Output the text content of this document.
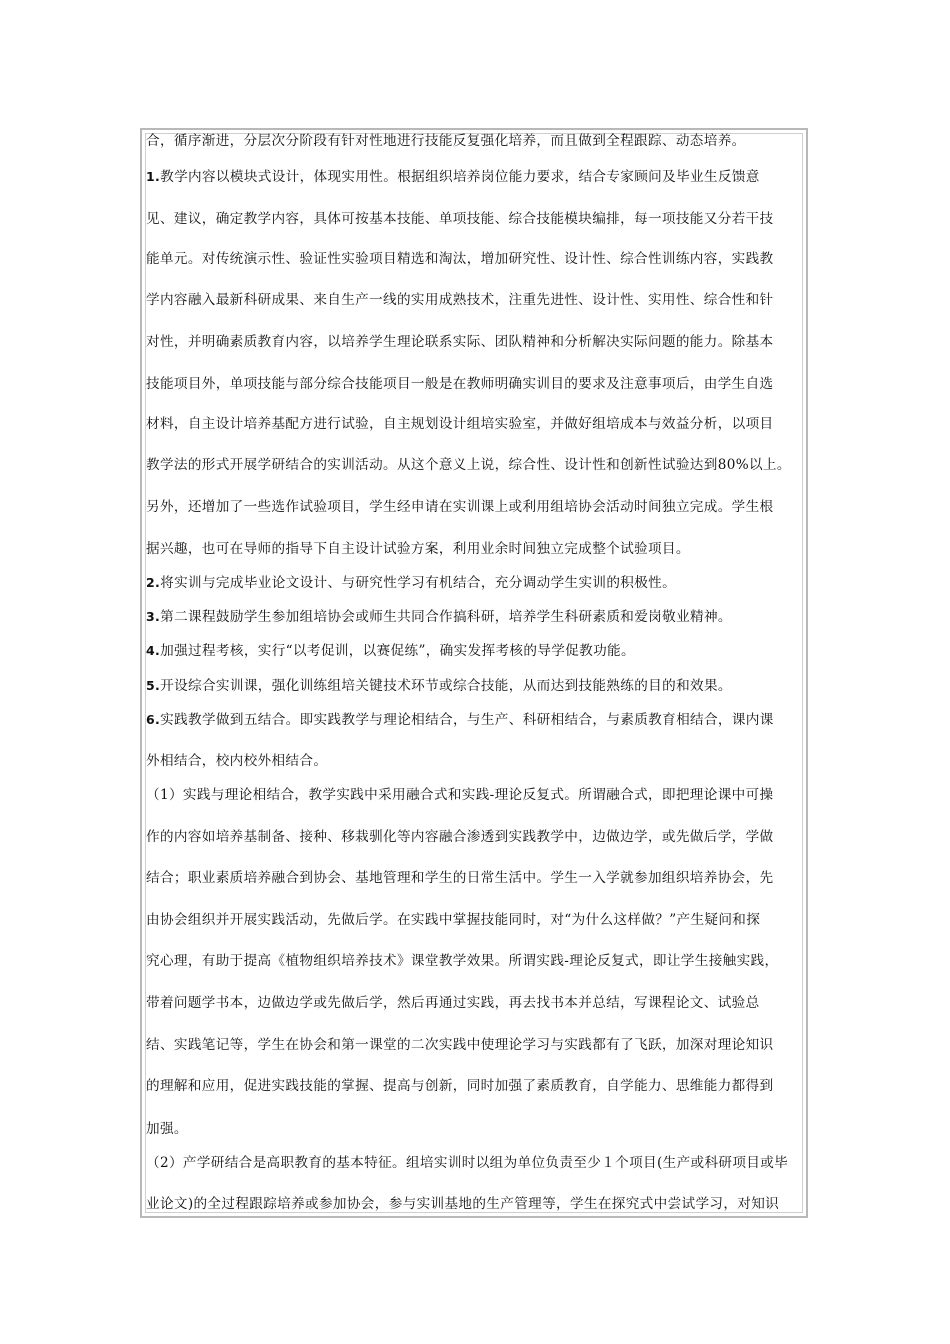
合，循序渐进，分层次分阶段有针对性地进行技能反复强化培养，而且做到全程跟踪、动态培养。
1.教学内容以模块式设计，体现实用性。根据组织培养岗位能力要求，结合专家顾问及毕业生反馈意
见、建议，确定教学内容，具体可按基本技能、单项技能、综合技能模块编排，每一项技能又分若干技
能单元。对传统演示性、验证性实验项目精选和淘汰，增加研究性、设计性、综合性训练内容，实践教
学内容融入最新科研成果、来自生产一线的实用成熟技术，注重先进性、设计性、实用性、综合性和针
对性，并明确素质教育内容，以培养学生理论联系实际、团队精神和分析解决实际问题的能力。除基本
技能项目外，单项技能与部分综合技能项目一般是在教师明确实训目的要求及注意事项后，由学生自选
材料，自主设计培养基配方进行试验，自主规划设计组培实验室，并做好组培成本与效益分析，以项目
教学法的形式开展学研结合的实训活动。从这个意义上说，综合性、设计性和创新性试验达到80%以上。
另外，还增加了一些选作试验项目，学生经申请在实训课上或利用组培协会活动时间独立完成。学生根
据兴趣，也可在导师的指导下自主设计试验方案，利用业余时间独立完成整个试验项目。
2.将实训与完成毕业论文设计、与研究性学习有机结合，充分调动学生实训的积极性。
3.第二课程鼓励学生参加组培协会或师生共同合作搞科研，培养学生科研素质和爱岗敬业精神。
4.加强过程考核，实行“以考促训，以赛促练”，确实发挥考核的导学促教功能。
5.开设综合实训课，强化训练组培关键技术环节或综合技能，从而达到技能熟练的目的和效果。
6.实践教学做到五结合。即实践教学与理论相结合，与生产、科研相结合，与素质教育相结合，课内课
外相结合，校内校外相结合。
（1）实践与理论相结合，教学实践中采用融合式和实践-理论反复式。所谓融合式，即把理论课中可操
作的内容如培养基制备、接种、移栽驯化等内容融合渗透到实践教学中，边做边学，或先做后学，学做
结合；职业素质培养融合到协会、基地管理和学生的日常生活中。学生一入学就参加组织培养协会，先
由协会组织并开展实践活动，先做后学。在实践中掌握技能同时，对“为什么这样做？”产生疑问和探
究心理，有助于提高《植物组织培养技术》课堂教学效果。所谓实践-理论反复式，即让学生接触实践，
带着问题学书本，边做边学或先做后学，然后再通过实践，再去找书本并总结，写课程论文、试验总
结、实践笔记等，学生在协会和第一课堂的二次实践中使理论学习与实践都有了飞跃，加深对理论知识
的理解和应用，促进实践技能的掌握、提高与创新，同时加强了素质教育，自学能力、思维能力都得到
加强。
（2）产学研结合是高职教育的基本特征。组培实训时以组为单位负责至少１个项目(生产或科研项目或毕
业论文)的全过程跟踪培养或参加协会，参与实训基地的生产管理等，学生在探究式中尝试学习，对知识
